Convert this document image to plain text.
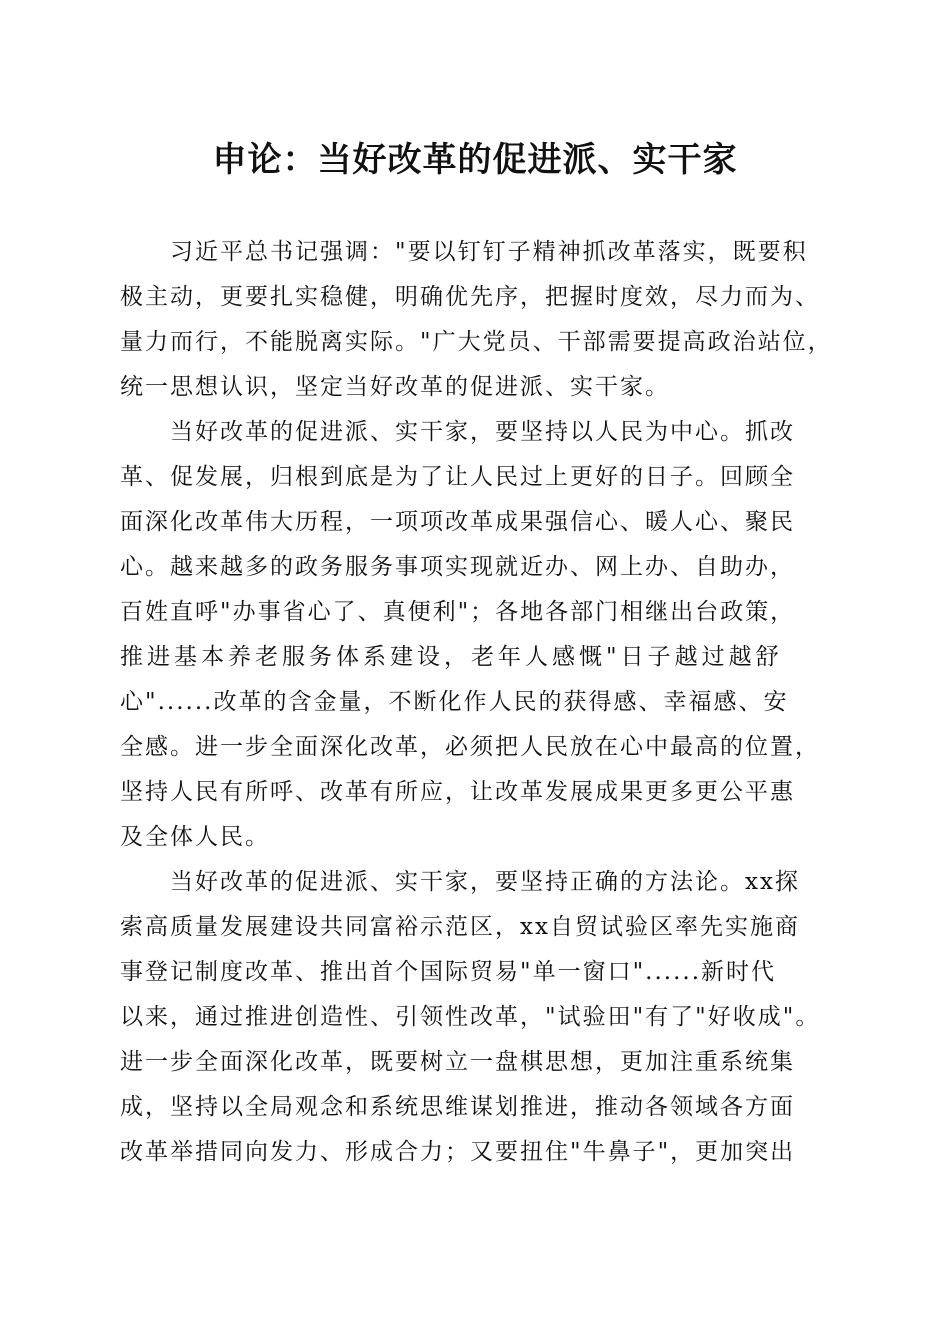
申论：当好改革的促进派、实干家
习近平总书记强调："要以钉钉子精神抓改革落实，既要积
极主动，更要扎实稳健，明确优先序，把握时度效，尽力而为、
量力而行，不能脱离实际。"广大党员、干部需要提高政治站位，
统一思想认识，坚定当好改革的促进派、实干家。
当好改革的促进派、实干家，要坚持以人民为中心。抓改
革、促发展，归根到底是为了让人民过上更好的日子。回顾全
面深化改革伟大历程，一项项改革成果强信心、暖人心、聚民
心。越来越多的政务服务事项实现就近办、网上办、自助办，
百姓直呼"办事省心了、真便利"；各地各部门相继出台政策，
推进基本养老服务体系建设，老年人感慨"日子越过越舒
心"......改革的含金量，不断化作人民的获得感、幸福感、安
全感。进一步全面深化改革，必须把人民放在心中最高的位置，
坚持人民有所呼、改革有所应，让改革发展成果更多更公平惠
及全体人民。
当好改革的促进派、实干家，要坚持正确的方法论。xx探
索高质量发展建设共同富裕示范区，xx自贸试验区率先实施商
事登记制度改革、推出首个国际贸易"单一窗口"......新时代
以来，通过推进创造性、引领性改革，"试验田"有了"好收成"。
进一步全面深化改革，既要树立一盘棋思想，更加注重系统集
成，坚持以全局观念和系统思维谋划推进，推动各领域各方面
改革举措同向发力、形成合力；又要扭住"牛鼻子"，更加突出
